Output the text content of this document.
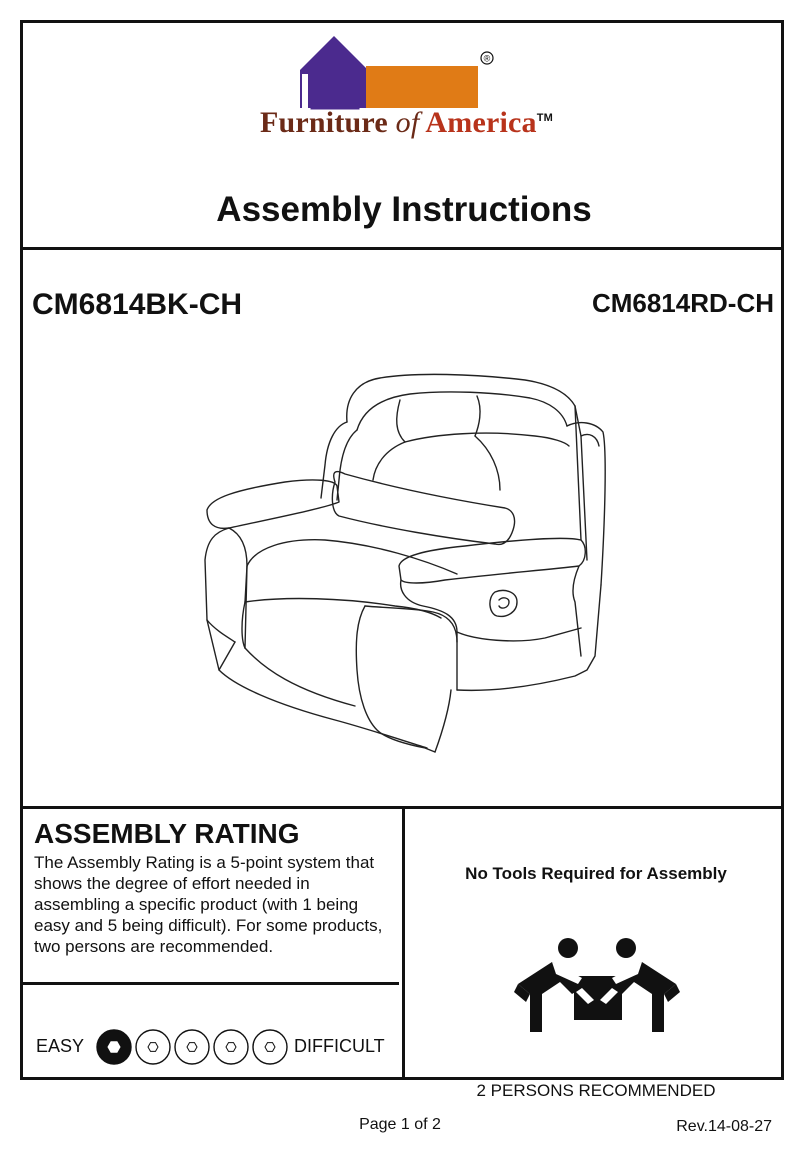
®
Furniture of America™
Assembly Instructions
CM6814BK-CH	CM6814RD-CH
ASSEMBLY RATING
The Assembly Rating is a 5-point system that shows the degree of effort needed in assembling a specific product (with 1 being easy and 5 being difficult). For some products, two persons are recommended.
EASY	DIFFICULT
No Tools Required for Assembly
2 PERSONS RECOMMENDED
Page 1 of 2	Rev.14-08-27
